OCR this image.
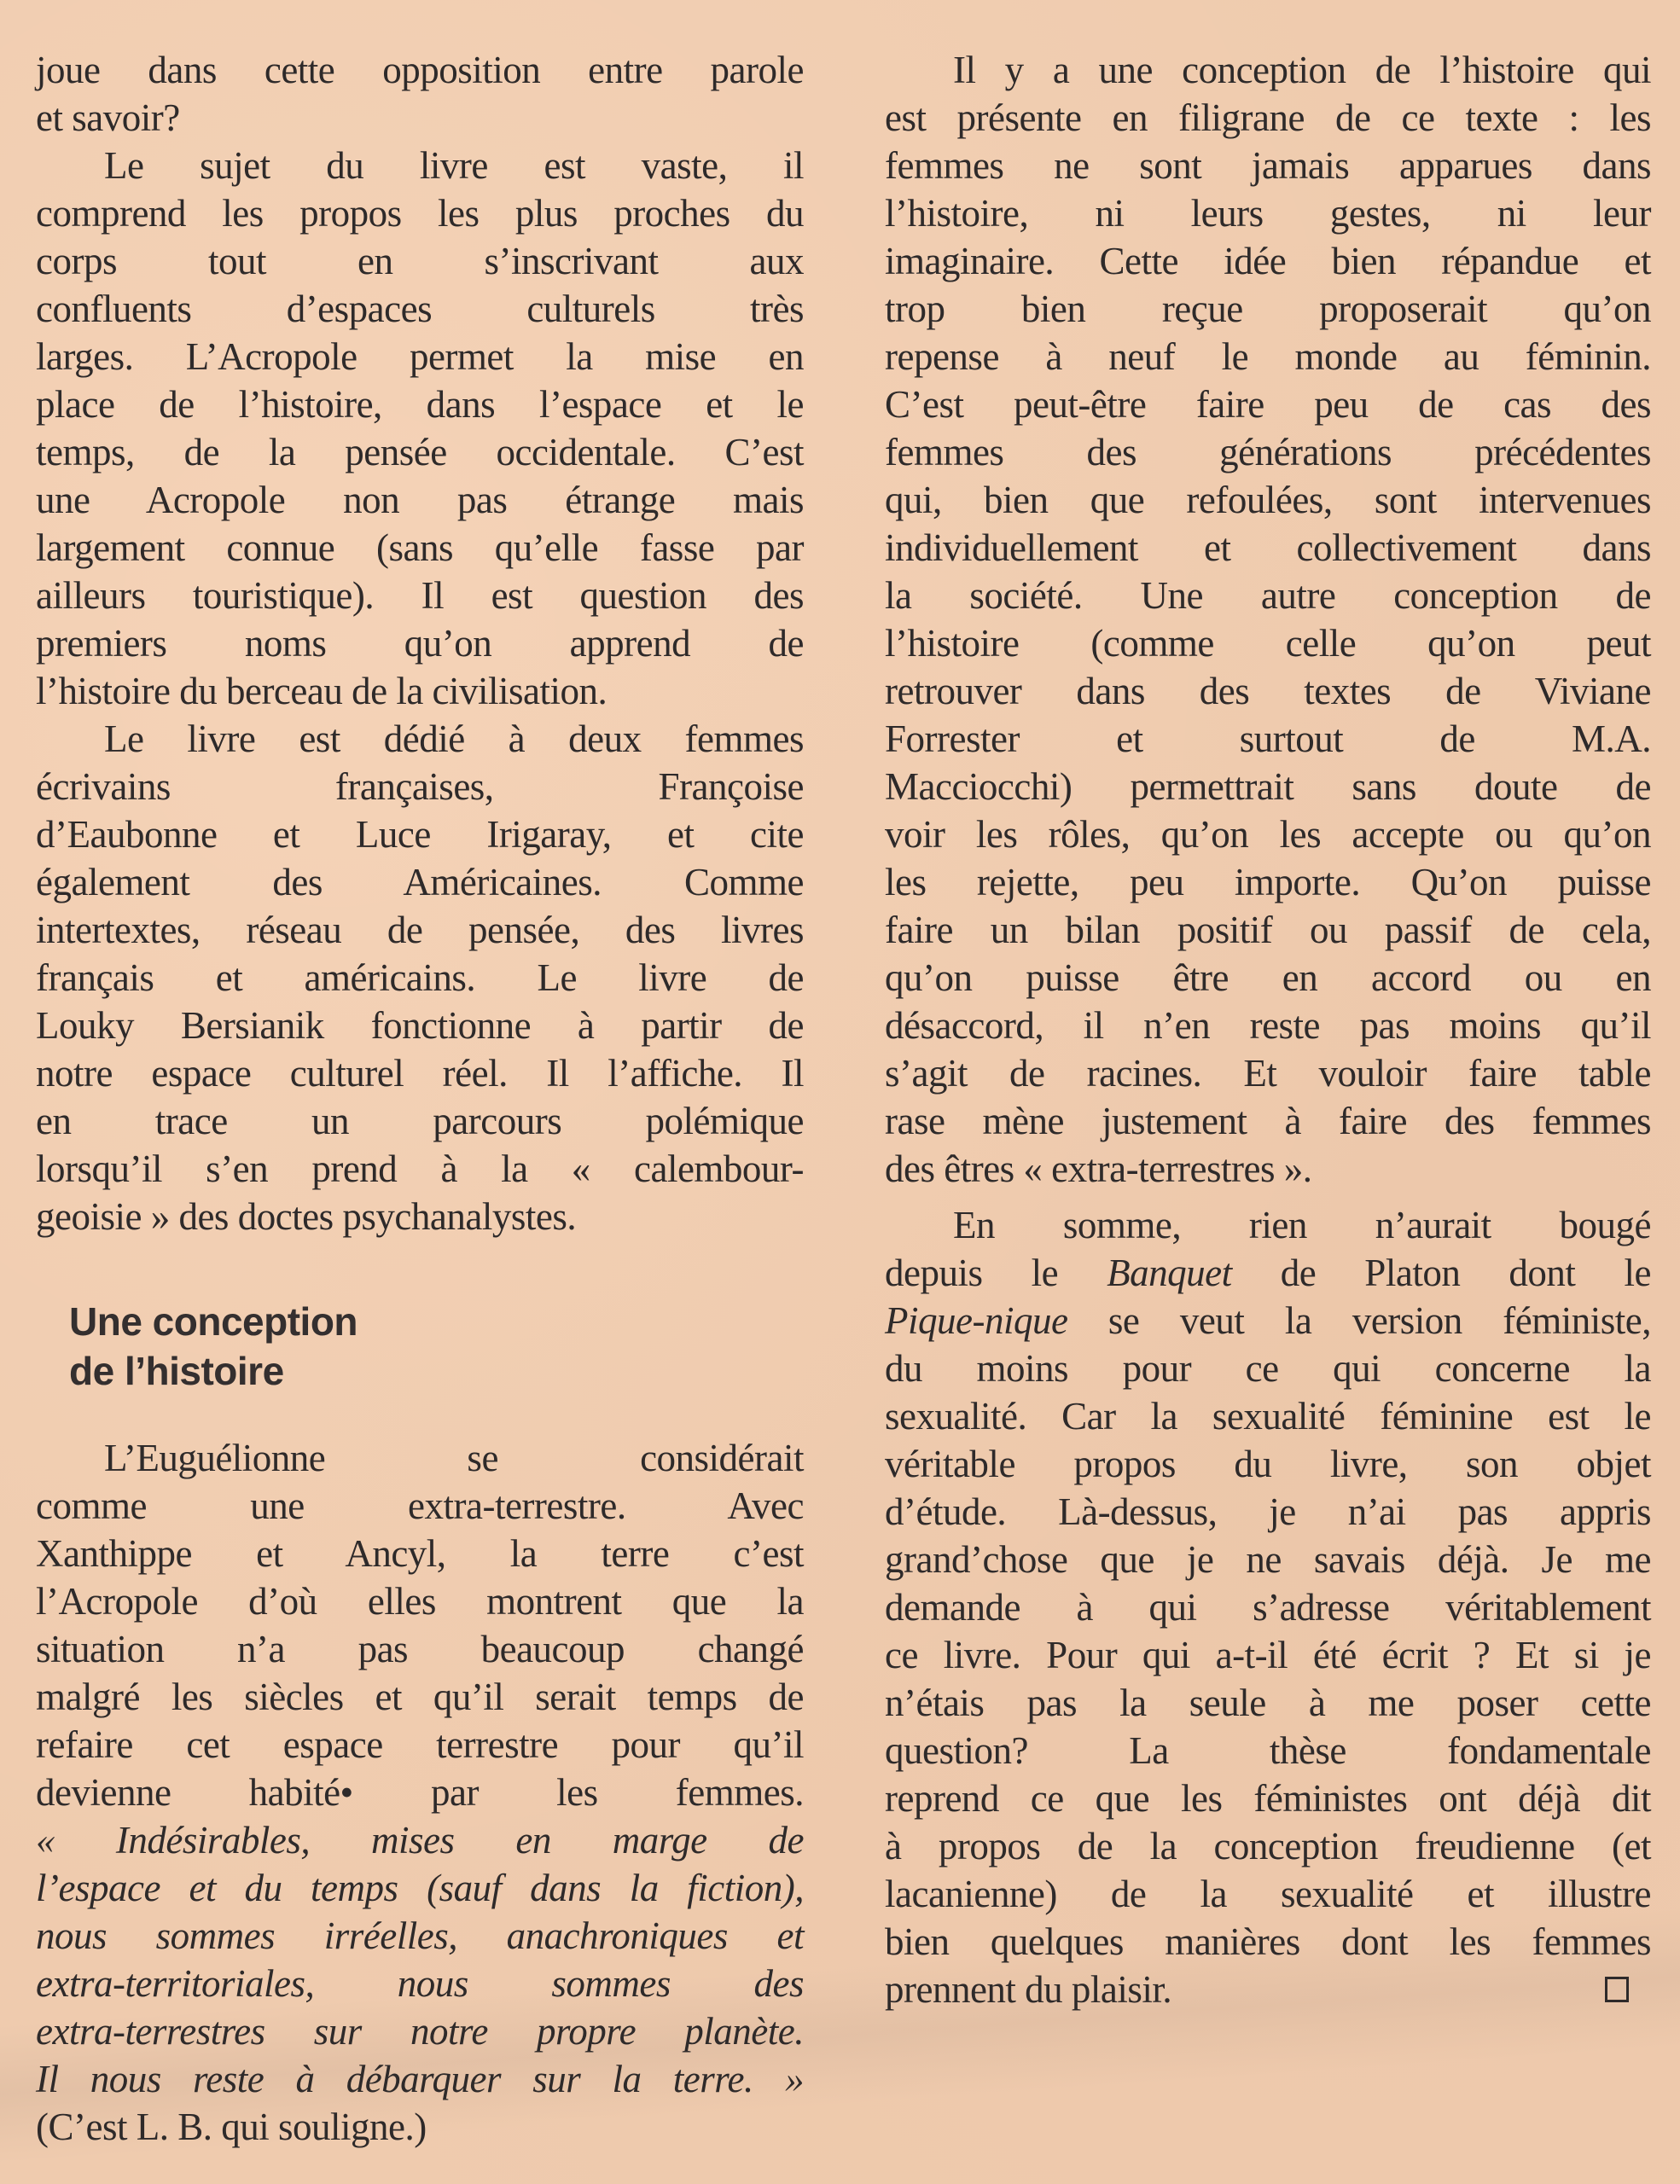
joue dans cette opposition entre parole
et savoir?
Le sujet du livre est vaste, il
comprend les propos les plus proches du
corps tout en s’inscrivant aux
confluents d’espaces culturels très
larges. L’Acropole permet la mise en
place de l’histoire, dans l’espace et le
temps, de la pensée occidentale. C’est
une Acropole non pas étrange mais
largement connue (sans qu’elle fasse par
ailleurs touristique). Il est question des
premiers noms qu’on apprend de
l’histoire du berceau de la civilisation.
Le livre est dédié à deux femmes
écrivains françaises, Françoise
d’Eaubonne et Luce Irigaray, et cite
également des Américaines. Comme
intertextes, réseau de pensée, des livres
français et américains. Le livre de
Louky Bersianik fonctionne à partir de
notre espace culturel réel. Il l’affiche. Il
en trace un parcours polémique
lorsqu’il s’en prend à la « calembour-
geoisie » des doctes psychanalystes.
L’Euguélionne se considérait
comme une extra-terrestre. Avec
Xanthippe et Ancyl, la terre c’est
l’Acropole d’où elles montrent que la
situation n’a pas beaucoup changé
malgré les siècles et qu’il serait temps de
refaire cet espace terrestre pour qu’il
devienne habité• par les femmes.
« Indésirables, mises en marge de
l’espace et du temps (sauf dans la fiction),
nous sommes irréelles, anachroniques et
extra-territoriales, nous sommes des
extra-terrestres sur notre propre planète.
Il nous reste à débarquer sur la terre. »
(C’est L. B. qui souligne.)
Une conception
de l’histoire
Il y a une conception de l’histoire qui
est présente en filigrane de ce texte : les
femmes ne sont jamais apparues dans
l’histoire, ni leurs gestes, ni leur
imaginaire. Cette idée bien répandue et
trop bien reçue proposerait qu’on
repense à neuf le monde au féminin.
C’est peut-être faire peu de cas des
femmes des générations précédentes
qui, bien que refoulées, sont intervenues
individuellement et collectivement dans
la société. Une autre conception de
l’histoire (comme celle qu’on peut
retrouver dans des textes de Viviane
Forrester et surtout de M.A.
Macciocchi) permettrait sans doute de
voir les rôles, qu’on les accepte ou qu’on
les rejette, peu importe. Qu’on puisse
faire un bilan positif ou passif de cela,
qu’on puisse être en accord ou en
désaccord, il n’en reste pas moins qu’il
s’agit de racines. Et vouloir faire table
rase mène justement à faire des femmes
des êtres « extra-terrestres ».
En somme, rien n’aurait bougé
depuis le Banquet de Platon dont le
Pique-nique se veut la version féministe,
du moins pour ce qui concerne la
sexualité. Car la sexualité féminine est le
véritable propos du livre, son objet
d’étude. Là-dessus, je n’ai pas appris
grand’chose que je ne savais déjà. Je me
demande à qui s’adresse véritablement
ce livre. Pour qui a-t-il été écrit ? Et si je
n’étais pas la seule à me poser cette
question? La thèse fondamentale
reprend ce que les féministes ont déjà dit
à propos de la conception freudienne (et
lacanienne) de la sexualité et illustre
bien quelques manières dont les femmes
prennent du plaisir.
